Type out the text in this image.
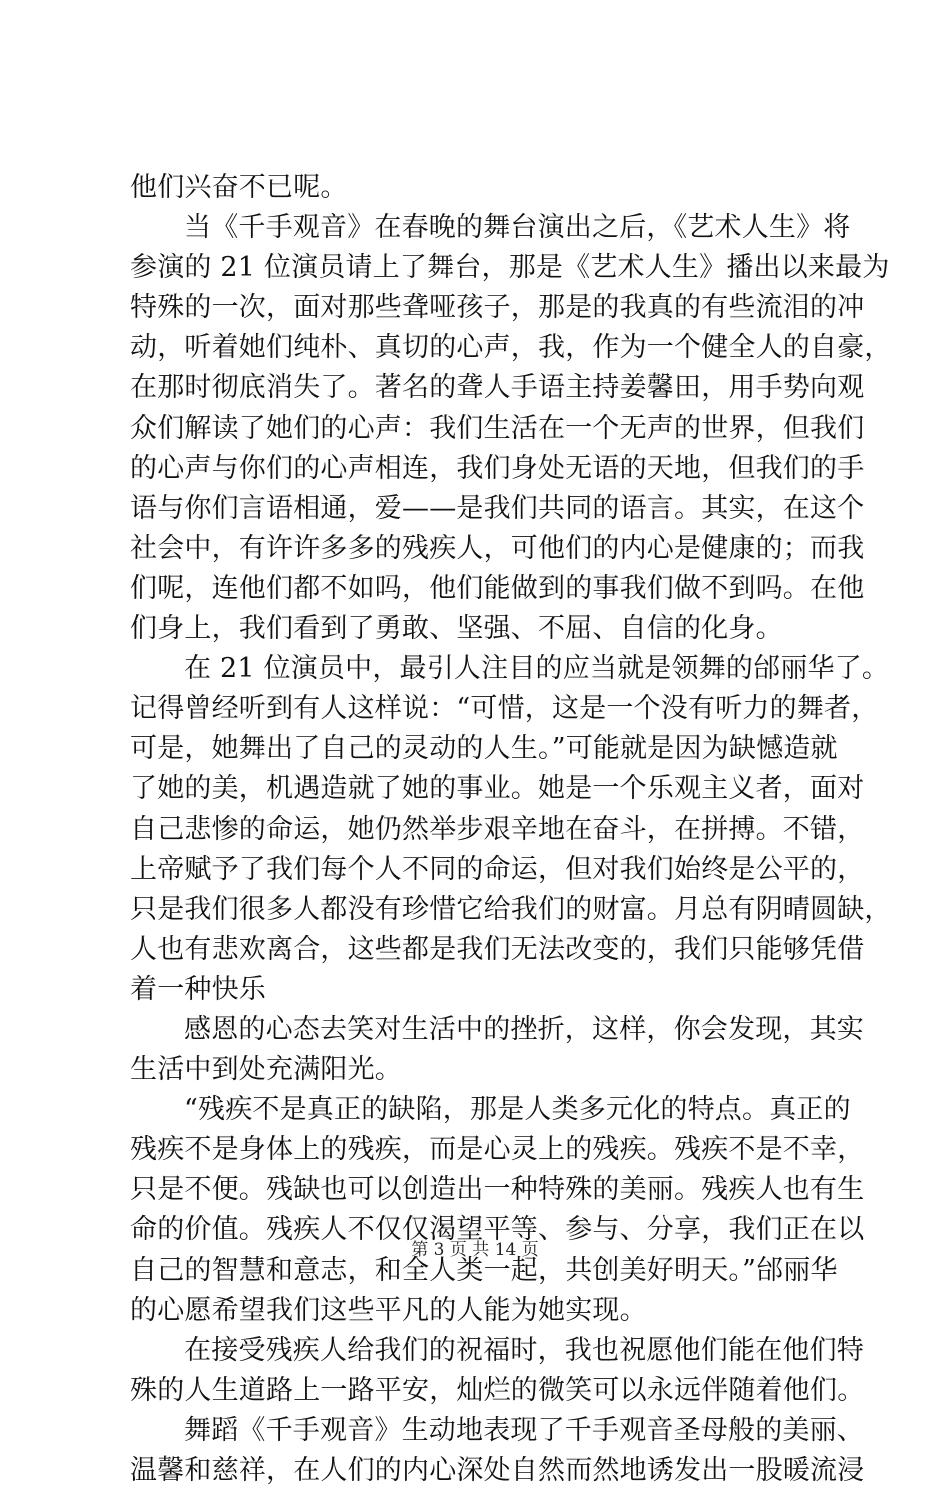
他们兴奋不已呢。
当《千手观音》在春晚的舞台演出之后，《艺术人生》将
参演的 21 位演员请上了舞台，那是《艺术人生》播出以来最为
特殊的一次，面对那些聋哑孩子，那是的我真的有些流泪的冲
动，听着她们纯朴、真切的心声，我，作为一个健全人的自豪，
在那时彻底消失了。著名的聋人手语主持姜馨田，用手势向观
众们解读了她们的心声：我们生活在一个无声的世界，但我们
的心声与你们的心声相连，我们身处无语的天地，但我们的手
语与你们言语相通，爱——是我们共同的语言。其实，在这个
社会中，有许许多多的残疾人，可他们的内心是健康的；而我
们呢，连他们都不如吗，他们能做到的事我们做不到吗。在他
们身上，我们看到了勇敢、坚强、不屈、自信的化身。
在 21 位演员中，最引人注目的应当就是领舞的邰丽华了。
记得曾经听到有人这样说：“可惜，这是一个没有听力的舞者，
可是，她舞出了自己的灵动的人生。”可能就是因为缺憾造就
了她的美，机遇造就了她的事业。她是一个乐观主义者，面对
自己悲惨的命运，她仍然举步艰辛地在奋斗，在拼搏。不错，
上帝赋予了我们每个人不同的命运，但对我们始终是公平的，
只是我们很多人都没有珍惜它给我们的财富。月总有阴晴圆缺，
人也有悲欢离合，这些都是我们无法改变的，我们只能够凭借
着一种快乐
感恩的心态去笑对生活中的挫折，这样，你会发现，其实
生活中到处充满阳光。
“残疾不是真正的缺陷，那是人类多元化的特点。真正的
残疾不是身体上的残疾，而是心灵上的残疾。残疾不是不幸，
只是不便。残缺也可以创造出一种特殊的美丽。残疾人也有生
命的价值。残疾人不仅仅渴望平等、参与、分享，我们正在以
自己的智慧和意志，和全人类一起，共创美好明天。”邰丽华
的心愿希望我们这些平凡的人能为她实现。
在接受残疾人给我们的祝福时，我也祝愿他们能在他们特
殊的人生道路上一路平安，灿烂的微笑可以永远伴随着他们。
舞蹈《千手观音》生动地表现了千手观音圣母般的美丽、
温馨和慈祥，在人们的内心深处自然而然地诱发出一股暖流浸
第 3 页 共 14 页
